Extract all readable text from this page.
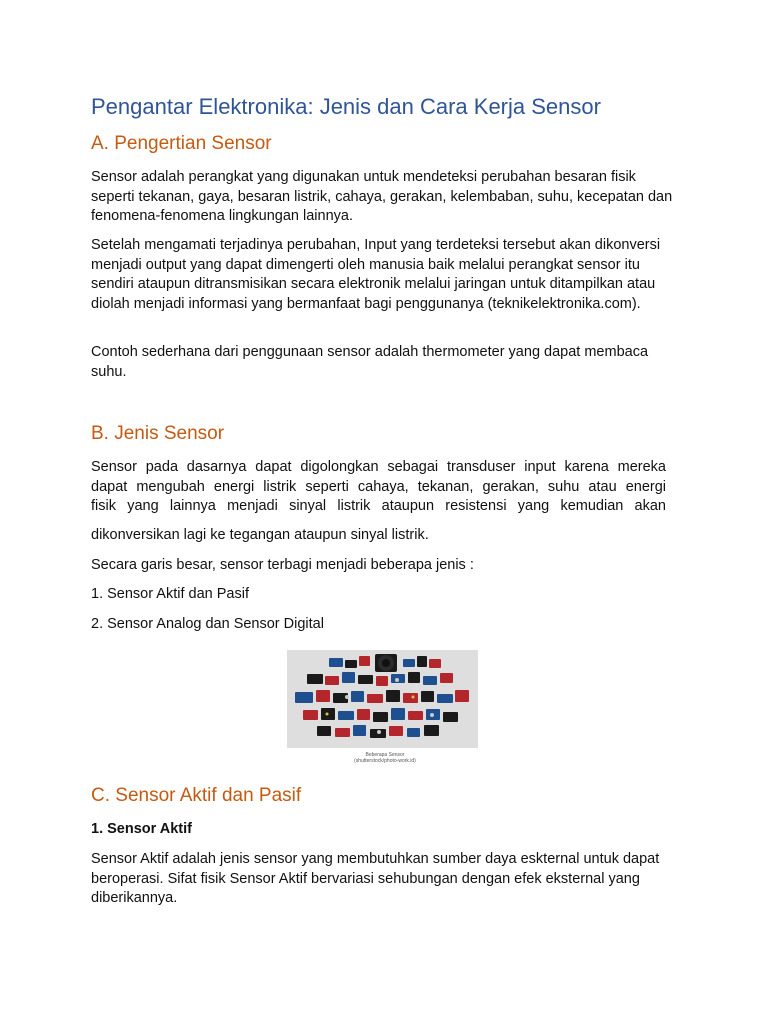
Pengantar Elektronika: Jenis dan Cara Kerja Sensor
A. Pengertian Sensor

Sensor adalah perangkat yang digunakan untuk mendeteksi perubahan besaran fisik seperti tekanan, gaya, besaran listrik, cahaya, gerakan, kelembaban, suhu, kecepatan dan fenomena-fenomena lingkungan lainnya.

Setelah mengamati terjadinya perubahan, Input yang terdeteksi tersebut akan dikonversi menjadi output yang dapat dimengerti oleh manusia baik melalui perangkat sensor itu sendiri ataupun ditransmisikan secara elektronik melalui jaringan untuk ditampilkan atau diolah menjadi informasi yang bermanfaat bagi penggunanya (teknikelektronika.com).

Contoh sederhana dari penggunaan sensor adalah thermometer yang dapat membaca suhu.

B. Jenis Sensor
Sensor pada dasarnya dapat digolongkan sebagai transduser input karena mereka
dapat mengubah energi listrik seperti cahaya, tekanan, gerakan, suhu atau energi
fisik yang lainnya menjadi sinyal listrik ataupun resistensi yang kemudian akan

dikonversikan lagi ke tegangan ataupun sinyal listrik.

Secara garis besar, sensor terbagi menjadi beberapa jenis :

1. Sensor Aktif dan Pasif

2. Sensor Analog dan Sensor Digital

Beberapa Sensor
(shutterstock/photo-work.id)
C. Sensor Aktif dan Pasif

1. Sensor Aktif

Sensor Aktif adalah jenis sensor yang membutuhkan sumber daya eskternal untuk dapat beroperasi. Sifat fisik Sensor Aktif bervariasi sehubungan dengan efek eksternal yang diberikannya.
